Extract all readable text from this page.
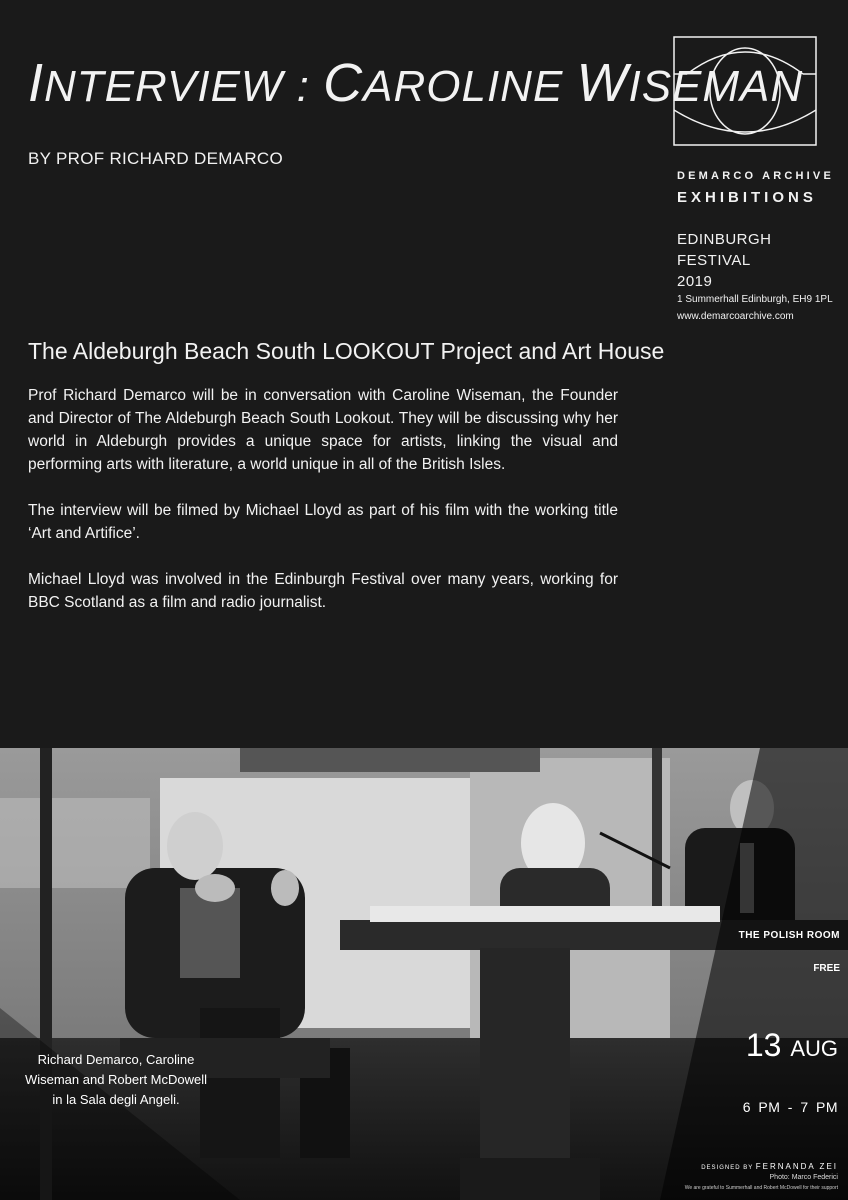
INTERVIEW : CAROLINE WISEMAN
BY PROF RICHARD DEMARCO
DEMARCO ARCHIVE
EXHIBITIONS
EDINBURGH FESTIVAL
2019
1 Summerhall Edinburgh, EH9 1PL
www.demarcoarchive.com
The Aldeburgh Beach South LOOKOUT Project and Art House

Prof Richard Demarco will be in conversation with Caroline Wiseman, the Founder and Director of The Aldeburgh Beach South Lookout. They will be discussing why her world in Aldeburgh provides a unique space for artists, linking the visual and performing arts with literature, a world unique in all of the British Isles.

The interview will be filmed by Michael Lloyd as part of his film with the working title ‘Art and Artifice’.

Michael Lloyd was involved in the Edinburgh Festival over many years, working for BBC Scotland as a film and radio journalist.

Richard Demarco, Caroline
Wiseman and Robert McDowell
in la Sala degli Angeli.
THE POLISH ROOM
FREE
13 AUG
6 PM - 7 PM
DESIGNED BY FERNANDA ZEI
Photo: Marco Federici
We are grateful to Summerhall and Robert McDowell for their support
